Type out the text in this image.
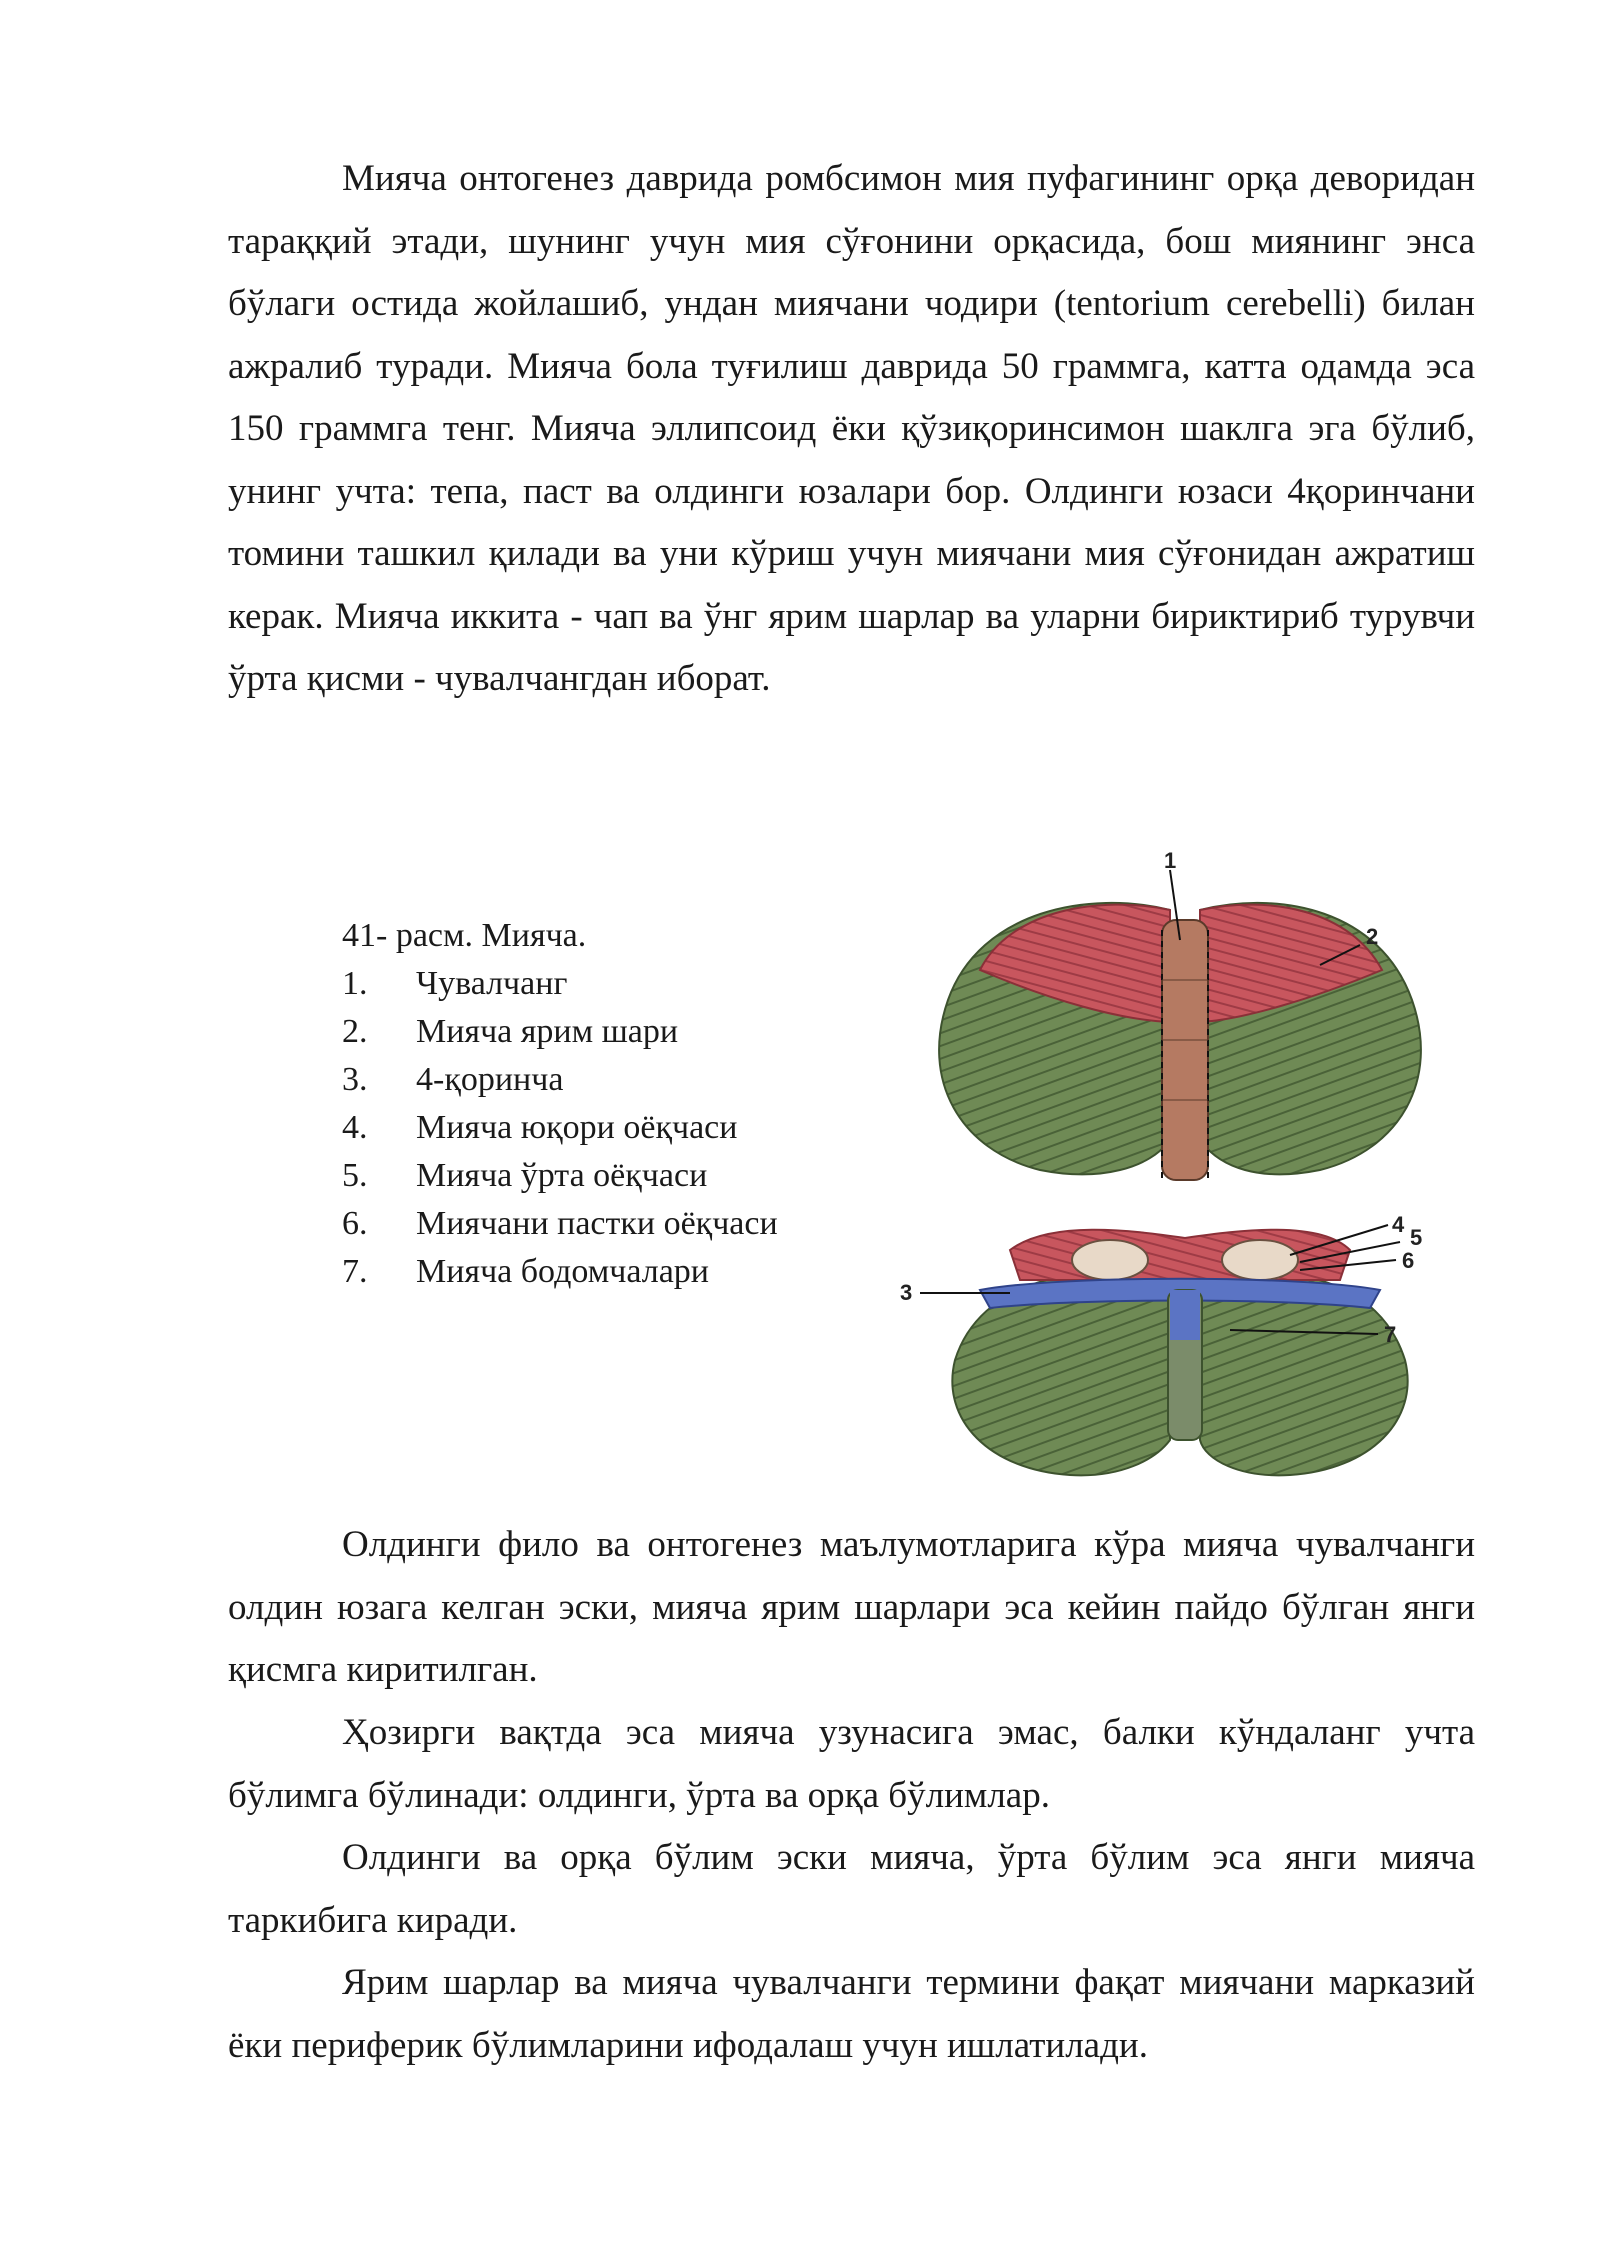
Мияча онтогенез даврида ромбсимон мия пуфагининг орқа деворидан тараққий этади, шунинг учун мия сўғонини орқасида, бош миянинг энса бўлаги остида жойлашиб, ундан миячани чодири (tentorium cerebelli) билан ажралиб туради. Мияча бола туғилиш даврида 50 граммга, катта одамда эса 150 граммга тенг. Мияча эллипсоид ёки қўзиқоринсимон шаклга эга бўлиб, унинг учта: тепа, паст ва олдинги юзалари бор. Олдинги юзаси 4қоринчани томини ташкил қилади ва уни кўриш учун миячани мия сўғонидан ажратиш керак. Мияча иккита - чап ва ўнг ярим шарлар ва уларни бириктириб турувчи ўрта қисми - чувалчангдан иборат.

41- расм. Мияча.

1.	Чувалчанг
2.	Мияча ярим шари
3.	4-қоринча
4.	Мияча юқори оёқчаси
5.	Мияча ўрта оёқчаси
6.	Миячани пастки оёқчаси
7.	Мияча бодомчалари
1
2
3
4
5
6
7

Олдинги фило ва онтогенез маълумотларига кўра мияча чувалчанги олдин юзага келган эски, мияча ярим шарлари эса кейин пайдо бўлган янги қисмга киритилган.

Ҳозирги вақтда эса мияча узунасига эмас, балки кўндаланг учта бўлимга бўлинади: олдинги, ўрта ва орқа бўлимлар.

Олдинги ва орқа бўлим эски мияча, ўрта бўлим эса янги мияча таркибига киради.

Ярим шарлар ва мияча чувалчанги термини фақат миячани марказий ёки периферик бўлимларини ифодалаш учун ишлатилади.
